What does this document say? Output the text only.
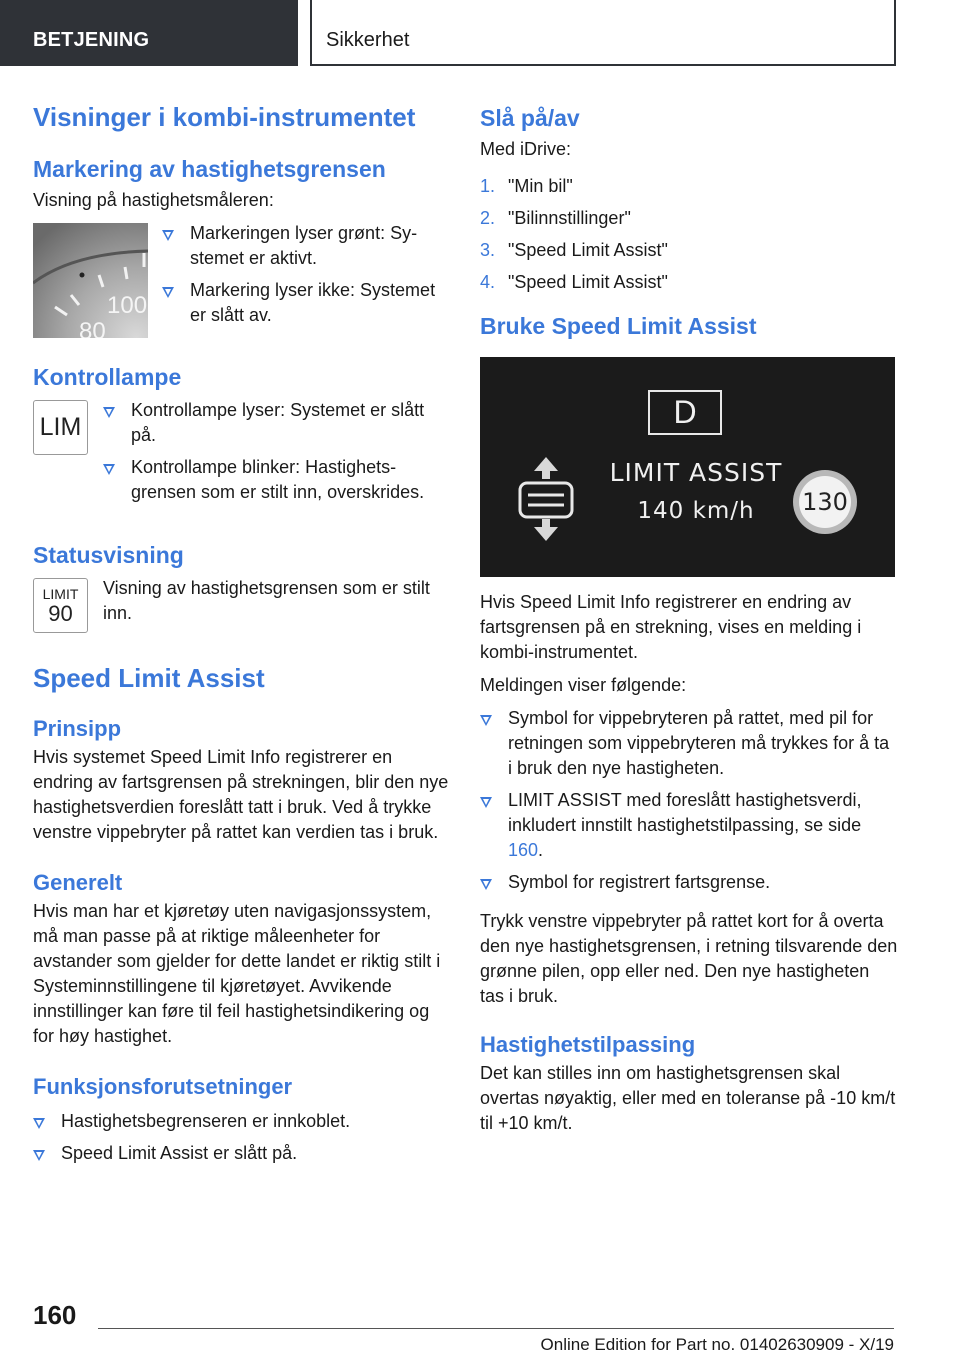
BETJENING	Sikkerhet
Visninger i kombi-instrumentet
Markering av hastighetsgrensen

Visning på hastighetsmåleren:

100
80
Markeringen lyser grønt: Systemet er aktivt.
Markering lyser ikke: Systemet er slått av.
Kontrollampe
LIM
Kontrollampe lyser: Systemet er slått på.
Kontrollampe blinker: Hastighetsgrensen som er stilt inn, overskrides.
Statusvisning
LIMIT
90

Visning av hastighetsgrensen som er stilt inn.

Speed Limit Assist
Prinsipp

Hvis systemet Speed Limit Info registrerer en endring av fartsgrensen på strekningen, blir den nye hastighetsverdien foreslått tatt i bruk. Ved å trykke venstre vippebryter på rattet kan verdien tas i bruk.

Generelt

Hvis man har et kjøretøy uten navigasjonssystem, må man passe på at riktige måleenheter for avstander som gjelder for dette landet er riktig stilt i Systeminnstillingene til kjøretøyet. Avvikende innstillinger kan føre til feil hastighetsindikering og for høy hastighet.

Funksjonsforutsetninger
Hastighetsbegrenseren er innkoblet.
Speed Limit Assist er slått på.
Slå på/av

Med iDrive:

1. "Min bil"
2. "Bilinnstillinger"
3. "Speed Limit Assist"
4. "Speed Limit Assist"
Bruke Speed Limit Assist
D
LIMIT ASSIST
140 km/h	130

Hvis Speed Limit Info registrerer en endring av fartsgrensen på en strekning, vises en melding i kombi-instrumentet.

Meldingen viser følgende:

Symbol for vippebryteren på rattet, med pil for retningen som vippebryteren må trykkes for å ta i bruk den nye hastigheten.
LIMIT ASSIST med foreslått hastighetsverdi, inkludert innstilt hastighetstilpassing, se side 160.
Symbol for registrert fartsgrense.

Trykk venstre vippebryter på rattet kort for å overta den nye hastighetsgrensen, i retning tilsvarende den grønne pilen, opp eller ned. Den nye hastigheten tas i bruk.

Hastighetstilpassing

Det kan stilles inn om hastighetsgrensen skal overtas nøyaktig, eller med en toleranse på -10 km/t til +10 km/t.

160
Online Edition for Part no. 01402630909 - X/19
